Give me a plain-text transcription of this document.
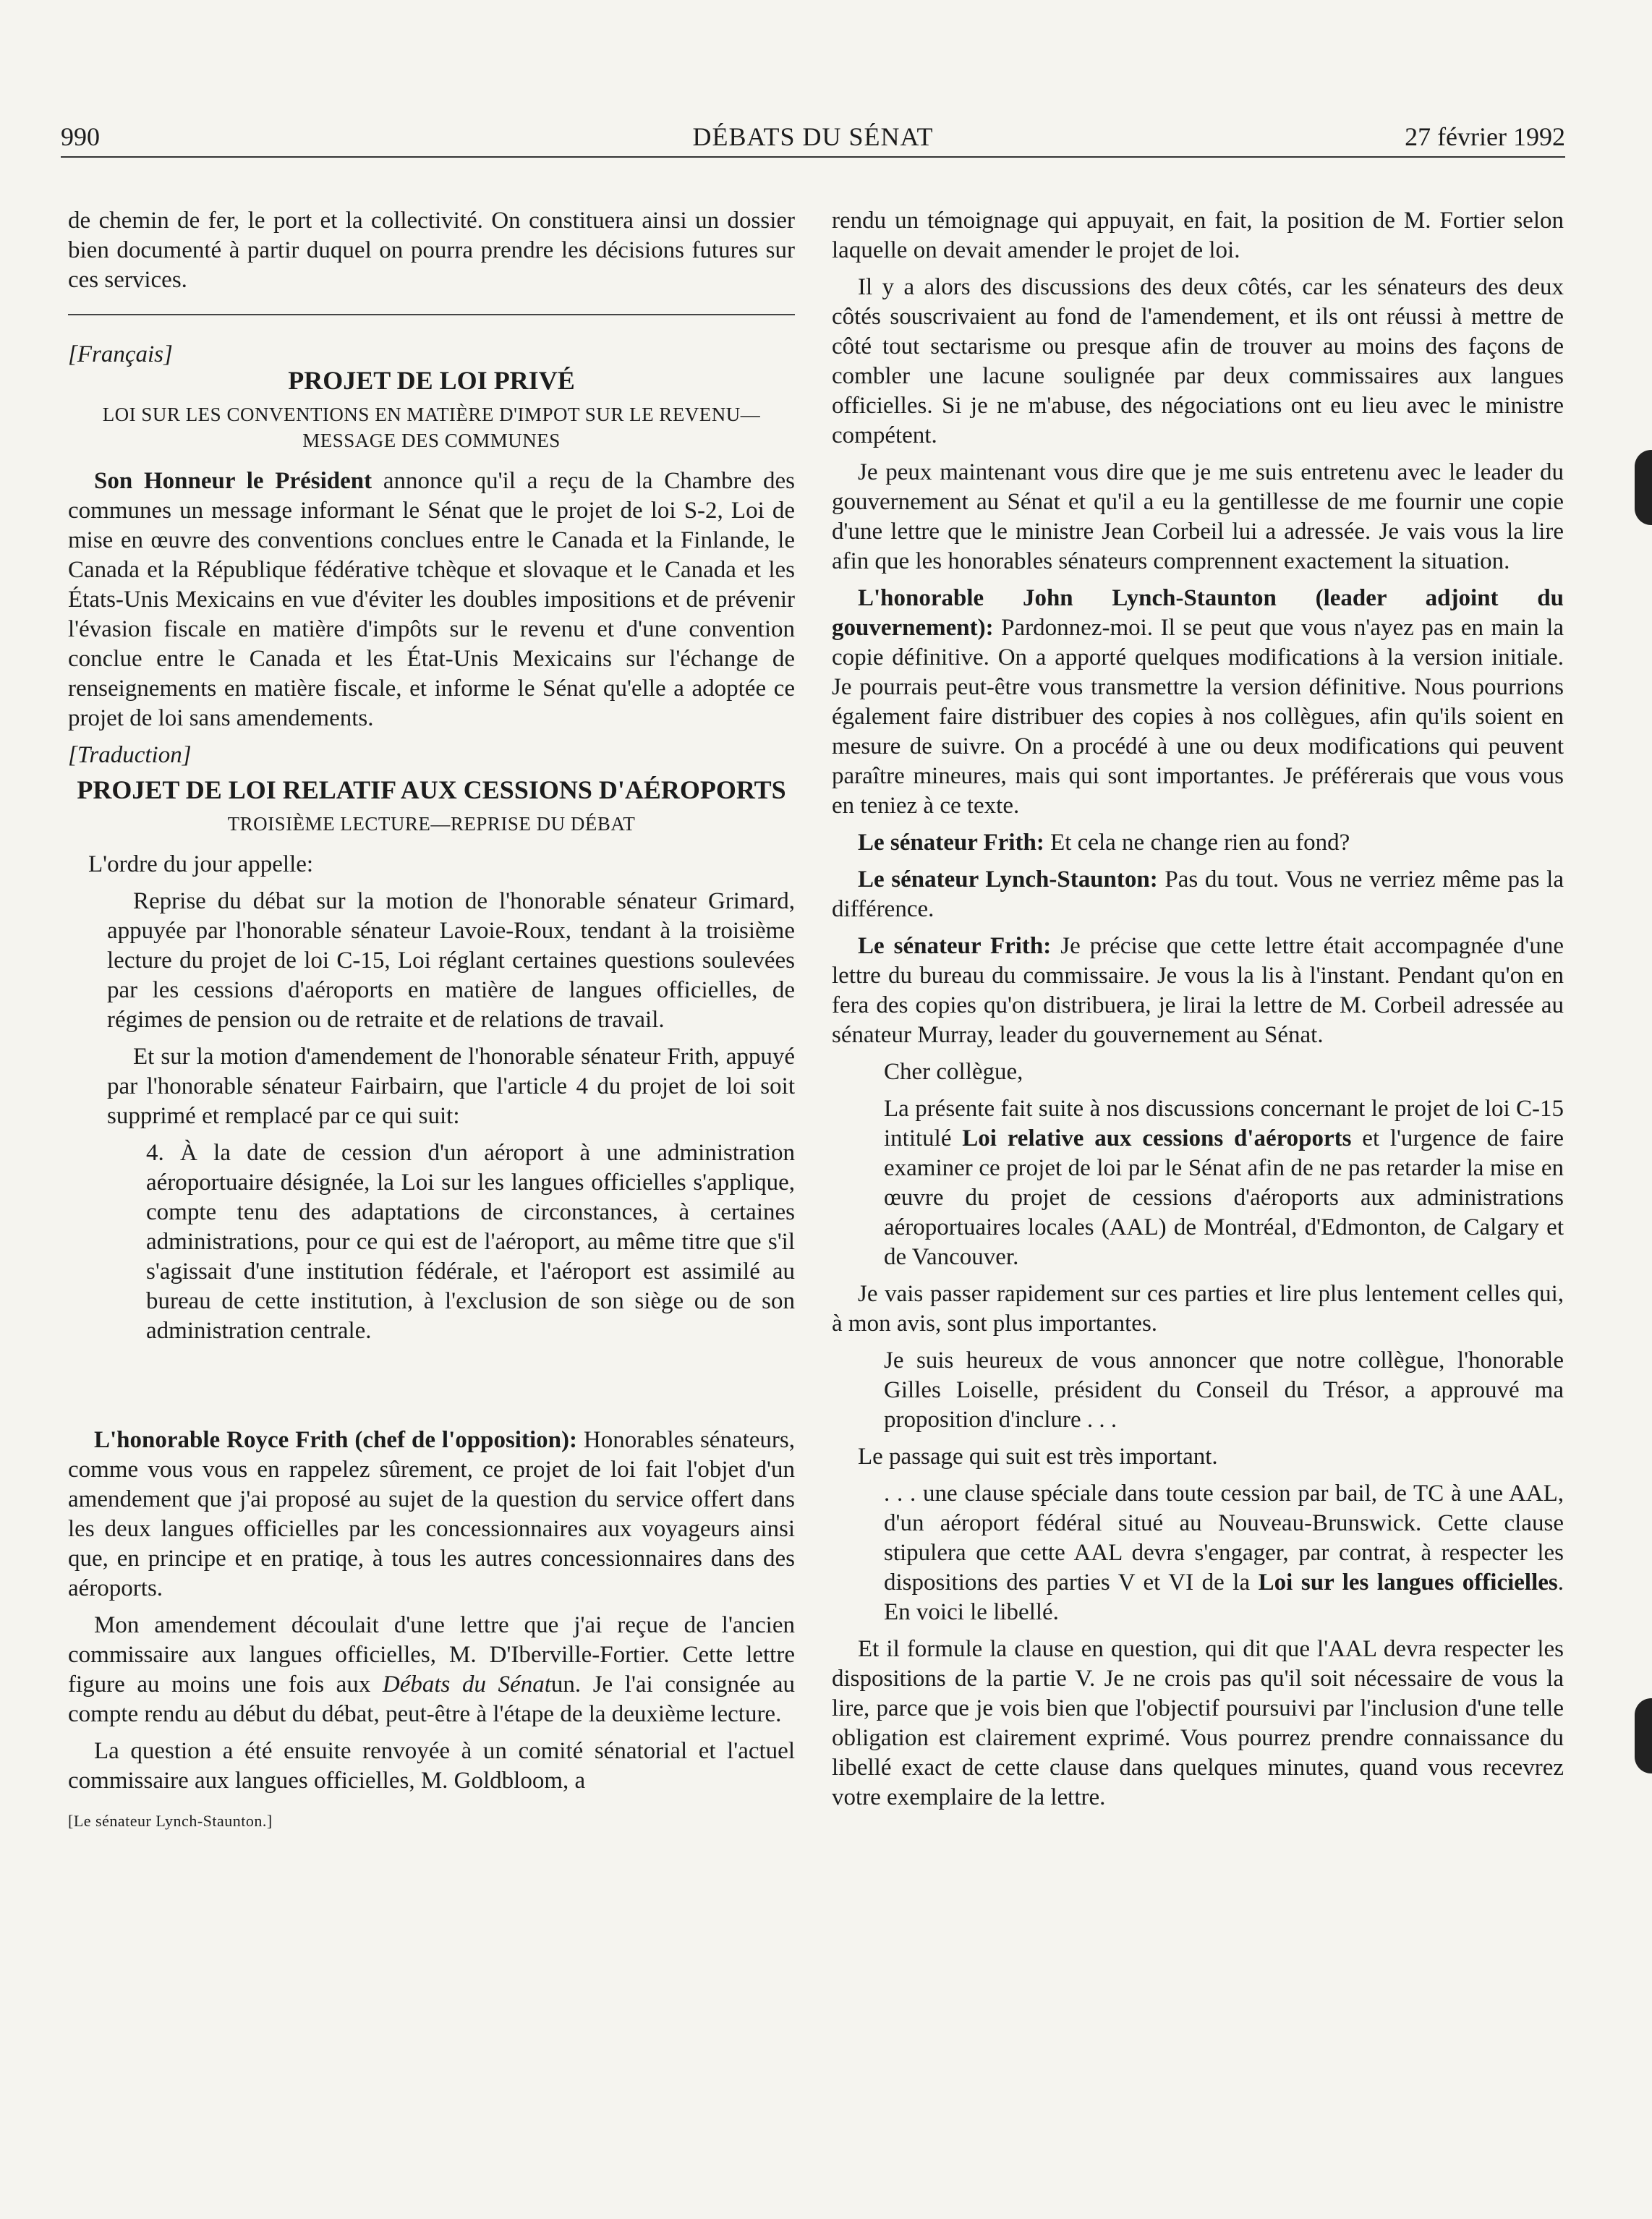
990	DÉBATS DU SÉNAT	27 février 1992

de chemin de fer, le port et la collectivité. On constituera ainsi un dossier bien documenté à partir duquel on pourra prendre les décisions futures sur ces services.

[Français]
PROJET DE LOI PRIVÉ
LOI SUR LES CONVENTIONS EN MATIÈRE D'IMPOT SUR LE REVENU—MESSAGE DES COMMUNES

Son Honneur le Président annonce qu'il a reçu de la Chambre des communes un message informant le Sénat que le projet de loi S-2, Loi de mise en œuvre des conventions conclues entre le Canada et la Finlande, le Canada et la République fédérative tchèque et slovaque et le Canada et les États-Unis Mexicains en vue d'éviter les doubles impositions et de prévenir l'évasion fiscale en matière d'impôts sur le revenu et d'une convention conclue entre le Canada et les État-Unis Mexicains sur l'échange de renseignements en matière fiscale, et informe le Sénat qu'elle a adoptée ce projet de loi sans amendements.

[Traduction]
PROJET DE LOI RELATIF AUX CESSIONS D'AÉROPORTS
TROISIÈME LECTURE—REPRISE DU DÉBAT

L'ordre du jour appelle:

Reprise du débat sur la motion de l'honorable sénateur Grimard, appuyée par l'honorable sénateur Lavoie-Roux, tendant à la troisième lecture du projet de loi C-15, Loi réglant certaines questions soulevées par les cessions d'aéroports en matière de langues officielles, de régimes de pension ou de retraite et de relations de travail.

Et sur la motion d'amendement de l'honorable sénateur Frith, appuyé par l'honorable sénateur Fairbairn, que l'article 4 du projet de loi soit supprimé et remplacé par ce qui suit:

4. À la date de cession d'un aéroport à une administration aéroportuaire désignée, la Loi sur les langues officielles s'applique, compte tenu des adaptations de circonstances, à certaines administrations, pour ce qui est de l'aéroport, au même titre que s'il s'agissait d'une institution fédérale, et l'aéroport est assimilé au bureau de cette institution, à l'exclusion de son siège ou de son administration centrale.

L'honorable Royce Frith (chef de l'opposition): Honorables sénateurs, comme vous vous en rappelez sûrement, ce projet de loi fait l'objet d'un amendement que j'ai proposé au sujet de la question du service offert dans les deux langues officielles par les concessionnaires aux voyageurs ainsi que, en principe et en pratiqe, à tous les autres concessionnaires dans des aéroports.

Mon amendement découlait d'une lettre que j'ai reçue de l'ancien commissaire aux langues officielles, M. D'Iberville-Fortier. Cette lettre figure au moins une fois aux Débats du Sénatun. Je l'ai consignée au compte rendu au début du débat, peut-être à l'étape de la deuxième lecture.

La question a été ensuite renvoyée à un comité sénatorial et l'actuel commissaire aux langues officielles, M. Goldbloom, a

[Le sénateur Lynch-Staunton.]

rendu un témoignage qui appuyait, en fait, la position de M. Fortier selon laquelle on devait amender le projet de loi.

Il y a alors des discussions des deux côtés, car les sénateurs des deux côtés souscrivaient au fond de l'amendement, et ils ont réussi à mettre de côté tout sectarisme ou presque afin de trouver au moins des façons de combler une lacune soulignée par deux commissaires aux langues officielles. Si je ne m'abuse, des négociations ont eu lieu avec le ministre compétent.

Je peux maintenant vous dire que je me suis entretenu avec le leader du gouvernement au Sénat et qu'il a eu la gentillesse de me fournir une copie d'une lettre que le ministre Jean Corbeil lui a adressée. Je vais vous la lire afin que les honorables sénateurs comprennent exactement la situation.

L'honorable John Lynch-Staunton (leader adjoint du gouvernement): Pardonnez-moi. Il se peut que vous n'ayez pas en main la copie définitive. On a apporté quelques modifications à la version initiale. Je pourrais peut-être vous transmettre la version définitive. Nous pourrions également faire distribuer des copies à nos collègues, afin qu'ils soient en mesure de suivre. On a procédé à une ou deux modifications qui peuvent paraître mineures, mais qui sont importantes. Je préférerais que vous vous en teniez à ce texte.

Le sénateur Frith: Et cela ne change rien au fond?

Le sénateur Lynch-Staunton: Pas du tout. Vous ne verriez même pas la différence.

Le sénateur Frith: Je précise que cette lettre était accompagnée d'une lettre du bureau du commissaire. Je vous la lis à l'instant. Pendant qu'on en fera des copies qu'on distribuera, je lirai la lettre de M. Corbeil adressée au sénateur Murray, leader du gouvernement au Sénat.

Cher collègue,

La présente fait suite à nos discussions concernant le projet de loi C-15 intitulé Loi relative aux cessions d'aéroports et l'urgence de faire examiner ce projet de loi par le Sénat afin de ne pas retarder la mise en œuvre du projet de cessions d'aéroports aux administrations aéroportuaires locales (AAL) de Montréal, d'Edmonton, de Calgary et de Vancouver.

Je vais passer rapidement sur ces parties et lire plus lentement celles qui, à mon avis, sont plus importantes.

Je suis heureux de vous annoncer que notre collègue, l'honorable Gilles Loiselle, président du Conseil du Trésor, a approuvé ma proposition d'inclure . . .

Le passage qui suit est très important.

. . . une clause spéciale dans toute cession par bail, de TC à une AAL, d'un aéroport fédéral situé au Nouveau-Brunswick. Cette clause stipulera que cette AAL devra s'engager, par contrat, à respecter les dispositions des parties V et VI de la Loi sur les langues officielles. En voici le libellé.

Et il formule la clause en question, qui dit que l'AAL devra respecter les dispositions de la partie V. Je ne crois pas qu'il soit nécessaire de vous la lire, parce que je vois bien que l'objectif poursuivi par l'inclusion d'une telle obligation est clairement exprimé. Vous pourrez prendre connaissance du libellé exact de cette clause dans quelques minutes, quand vous recevrez votre exemplaire de la lettre.
